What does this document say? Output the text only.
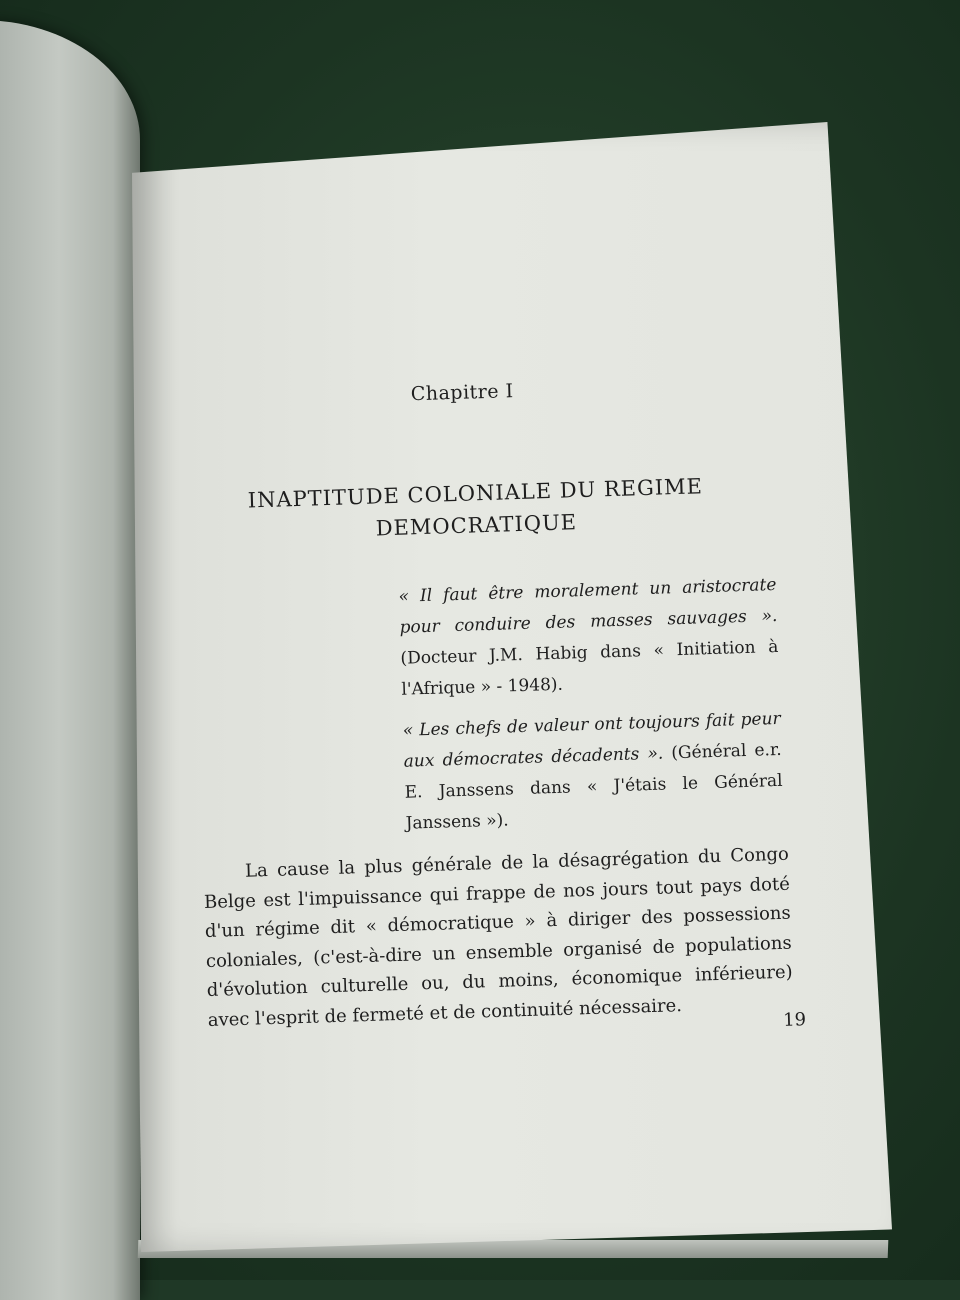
Chapitre I
INAPTITUDE COLONIALE DU REGIME
DEMOCRATIQUE
« Il faut être moralement un aristocrate pour conduire des masses sauvages ». (Docteur J.M. Habig dans « Initiation à l'Afrique » - 1948).
« Les chefs de valeur ont toujours fait peur aux démocrates décadents ». (Général e.r. E. Janssens dans « J'étais le Général Janssens »).
La cause la plus générale de la désagrégation du Congo Belge est l'impuissance qui frappe de nos jours tout pays doté d'un régime dit « démocratique » à diriger des possessions coloniales, (c'est-à-dire un ensemble organisé de populations d'évolution culturelle ou, du moins, économique inférieure) avec l'esprit de fermeté et de continuité nécessaire.	19
